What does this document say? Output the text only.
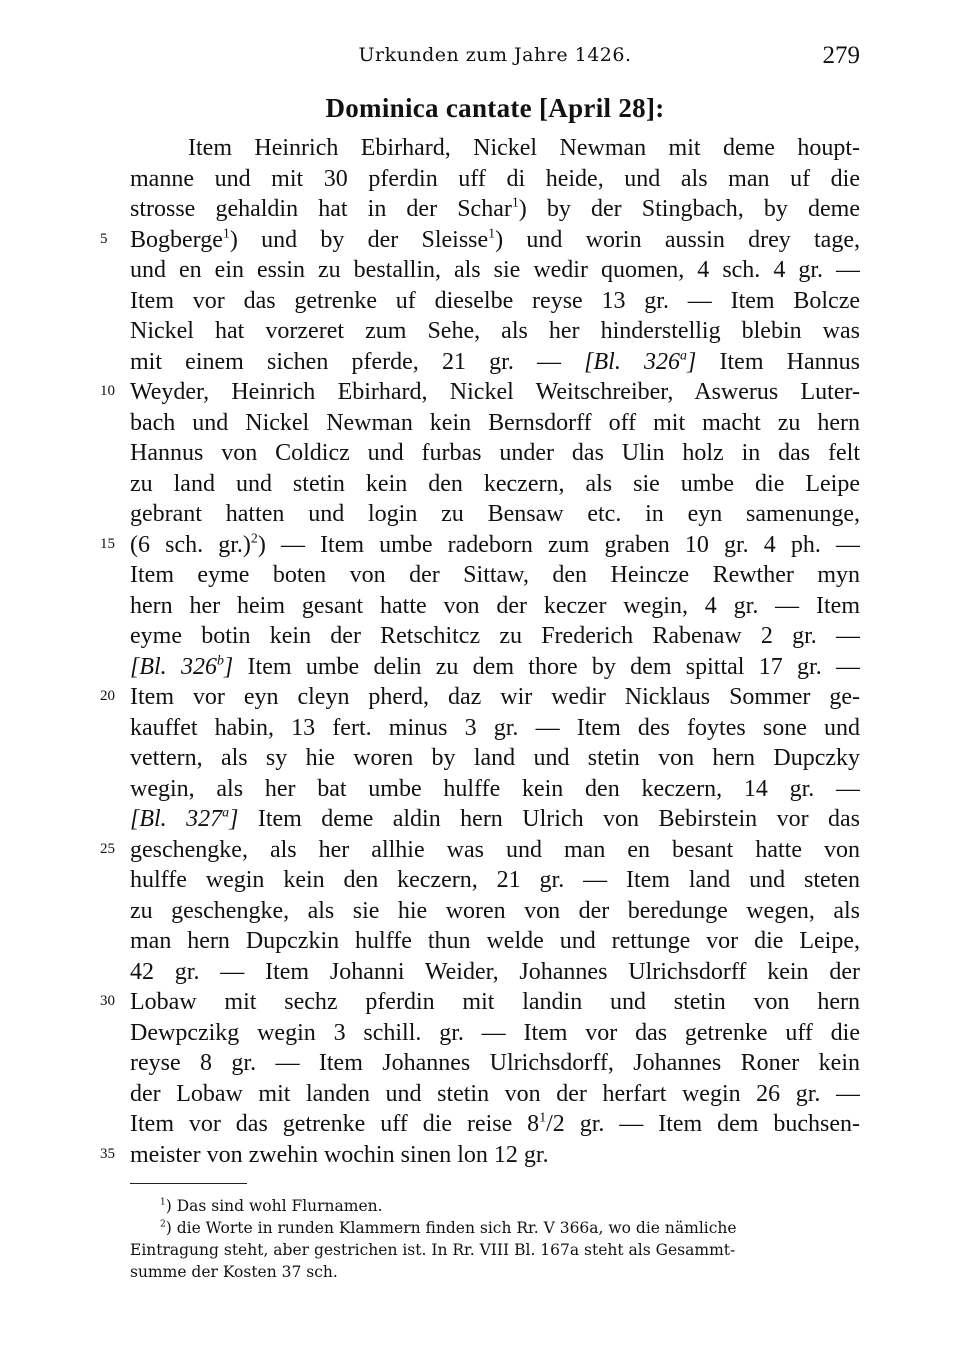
Urkunden zum Jahre 1426.	279
Dominica cantate [April 28]:
5
10
15
20
25
30
35
Item Heinrich Ebirhard, Nickel Newman mit deme houpt-
manne und mit 30 pferdin uff di heide, und als man uf die
strosse gehaldin hat in der Schar$^1$) by der Stingbach, by deme
Bogberge$^1$) und by der Sleisse$^1$) und worin aussin drey tage,
und en ein essin zu bestallin, als sie wedir quomen, 4 sch. 4 gr. —
Item vor das getrenke uf dieselbe reyse 13 gr. — Item Bolcze
Nickel hat vorzeret zum Sehe, als her hinderstellig blebin was
mit einem sichen pferde, 21 gr. — [Bl. 326$^a$] Item Hannus
Weyder, Heinrich Ebirhard, Nickel Weitschreiber, Aswerus Luter-
bach und Nickel Newman kein Bernsdorff off mit macht zu hern
Hannus von Coldicz und furbas under das Ulin holz in das felt
zu land und stetin kein den keczern, als sie umbe die Leipe
gebrant hatten und login zu Bensaw etc. in eyn samenunge,
(6 sch. gr.)$^2$) — Item umbe radeborn zum graben 10 gr. 4 ph. —
Item eyme boten von der Sittaw, den Heincze Rewther myn
hern her heim gesant hatte von der keczer wegin, 4 gr. — Item
eyme botin kein der Retschitcz zu Frederich Rabenaw 2 gr. —
[Bl. 326$^b$] Item umbe delin zu dem thore by dem spittal 17 gr. —
Item vor eyn cleyn pherd, daz wir wedir Nicklaus Sommer ge-
kauffet habin, 13 fert. minus 3 gr. — Item des foytes sone und
vettern, als sy hie woren by land und stetin von hern Dupczky
wegin, als her bat umbe hulffe kein den keczern, 14 gr. —
[Bl. 327$^a$] Item deme aldin hern Ulrich von Bebirstein vor das
geschengke, als her allhie was und man en besant hatte von
hulffe wegin kein den keczern, 21 gr. — Item land und steten
zu geschengke, als sie hie woren von der beredunge wegen, als
man hern Dupczkin hulffe thun welde und rettunge vor die Leipe,
42 gr. — Item Johanni Weider, Johannes Ulrichsdorff kein der
Lobaw mit sechz pferdin mit landin und stetin von hern
Dewpczikg wegin 3 schill. gr. — Item vor das getrenke uff die
reyse 8 gr. — Item Johannes Ulrichsdorff, Johannes Roner kein
der Lobaw mit landen und stetin von der herfart wegin 26 gr. —
Item vor das getrenke uff die reise $8^1/2$ gr. — Item dem buchsen-
meister von zwehin wochin sinen lon 12 gr.
$^1$) Das sind wohl Flurnamen.
$^2$) die Worte in runden Klammern finden sich Rr. V 366a, wo die nämliche
Eintragung steht, aber gestrichen ist. In Rr. VIII Bl. 167a steht als Gesammt-
summe der Kosten 37 sch.
